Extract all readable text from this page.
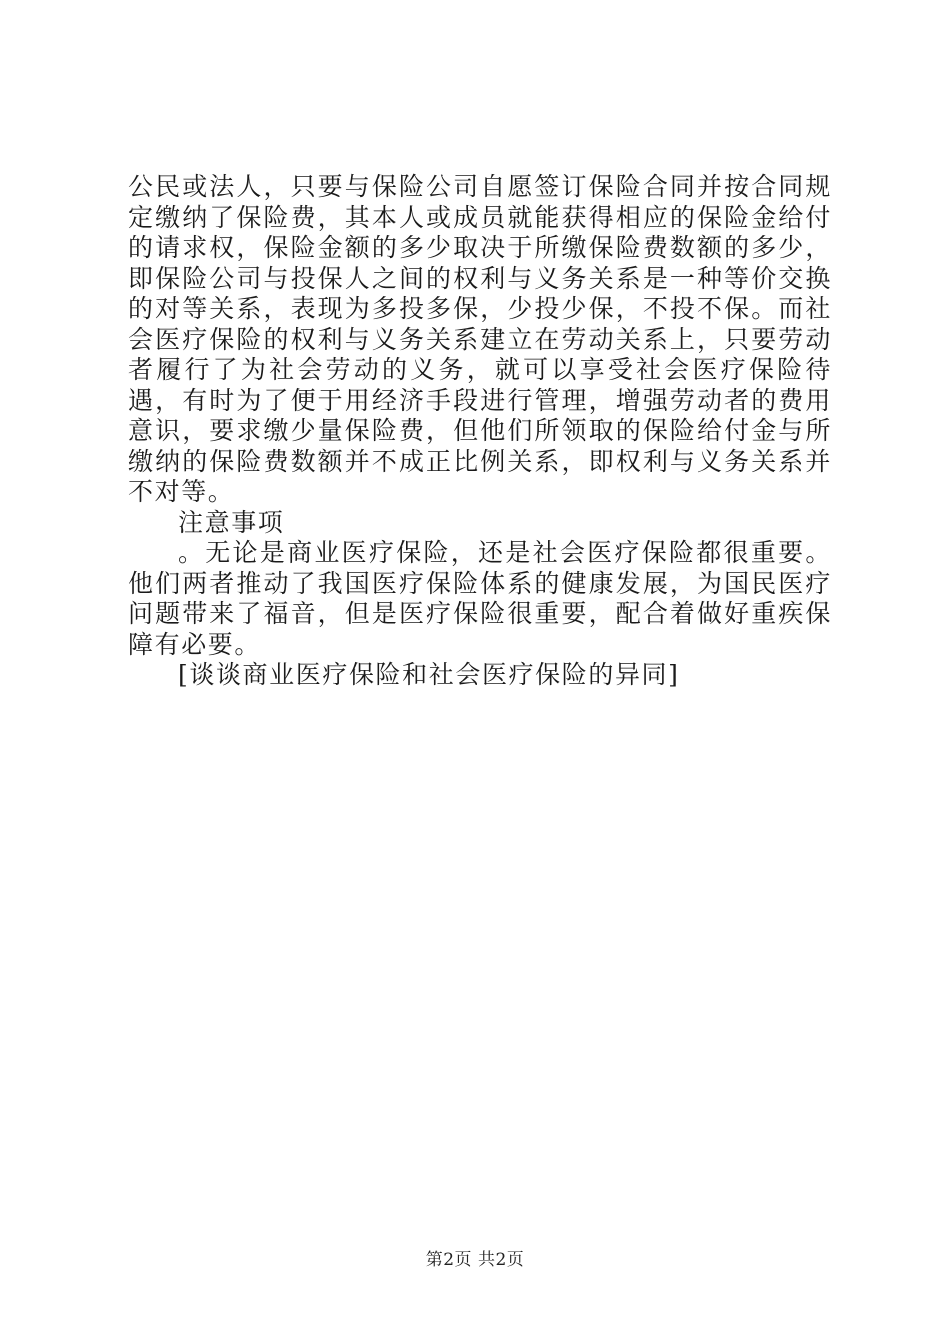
公民或法人，只要与保险公司自愿签订保险合同并按合同规定缴纳了保险费，其本人或成员就能获得相应的保险金给付的请求权，保险金额的多少取决于所缴保险费数额的多少，即保险公司与投保人之间的权利与义务关系是一种等价交换的对等关系，表现为多投多保，少投少保，不投不保。而社会医疗保险的权利与义务关系建立在劳动关系上，只要劳动者履行了为社会劳动的义务，就可以享受社会医疗保险待遇，有时为了便于用经济手段进行管理，增强劳动者的费用意识，要求缴少量保险费，但他们所领取的保险给付金与所缴纳的保险费数额并不成正比例关系，即权利与义务关系并不对等。

注意事项

。无论是商业医疗保险，还是社会医疗保险都很重要。他们两者推动了我国医疗保险体系的健康发展，为国民医疗问题带来了福音，但是医疗保险很重要，配合着做好重疾保障有必要。

[谈谈商业医疗保险和社会医疗保险的异同]

第2页 共2页
